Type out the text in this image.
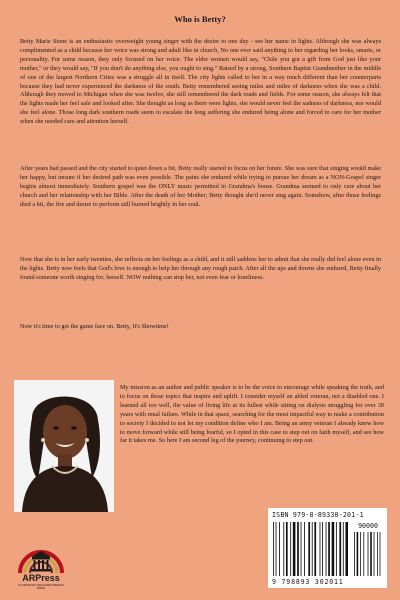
Who is Betty?

Betty Marie Stone is an enthusiastic overweight young singer with the desire to one day - see her name in lights. Although she was always complimented as a child because her voice was strong and adult like in church, No one ever said anything to her regarding her looks, smarts, or personality. For some reason, they only focused on her voice. The elder women would say, "Chile you got a gift from God just like your mother," or they would say, "If you don't do anything else, you ought to sing." Raised by a strong, Southern Baptist Grandmother in the middle of one of the largest Northern Cities was a struggle all in itself. The city lights called to her in a way much different than her counterparts because they had never experienced the darkness of the south. Betty remembered seeing miles and miles of darkness when she was a child. Although they moved to Michigan when she was twelve, she still remembered the dark roads and fields. For some reason, she always felt that the lights made her feel safe and looked after. She thought as long as there were lights, she would never feel the sadness of darkness, nor would she feel alone. Those long dark southern roads seem to escalate the long suffering she endured being alone and forced to care for her mother when she needed care and attention herself.

After years had passed and the city started to quiet down a bit, Betty really started to focus on her future. She was sure that singing would make her happy, but unsure if her desired path was even possible. The pains she endured while trying to pursue her dream as a NON-Gospel singer begins almost immediately. Southern gospel was the ONLY music permitted in Grandma's house. Grandma seemed to only care about her church and her relationship with her Bible. After the death of her Mother; Betty thought she'd never sing again. Somehow, after those feelings died a bit, the fire and desire to perform still burned brightly in her soul.

Now that she is in her early twenties, she reflects on her feelings as a child, and it still saddens her to admit that she really did feel alone even in the lights. Betty now feels that God's love is enough to help her through any rough patch. After all the ups and downs she endured, Betty finally found someone worth singing for, herself. NOW nothing can stop her, not even fear or loneliness.

Now it's time to get the game face on. Betty, It's Showtime!

My mission as an author and public speaker is to be the voice to encourage while speaking the truth, and to focus on those topics that inspire and uplift. I consider myself an abled veteran, not a disabled one. I learned all too well, the value of living life at its fullest while sitting on dialysis struggling for over 30 years with renal failure. While in that space, searching for the most impactful way to make a contribution to society I decided to not let my condition define who I am. Being an army veteran I already knew how to move forward while still being fearful, so I opted in this case to step out on faith myself, and see how far it takes me. So here I am second leg of the journey, continuing to step out.

ARPress
ILLUMINATING IDEAS EMPOWERING MINDS
ISBN 979-8-89330-201-1
90000
9 798893 302011
